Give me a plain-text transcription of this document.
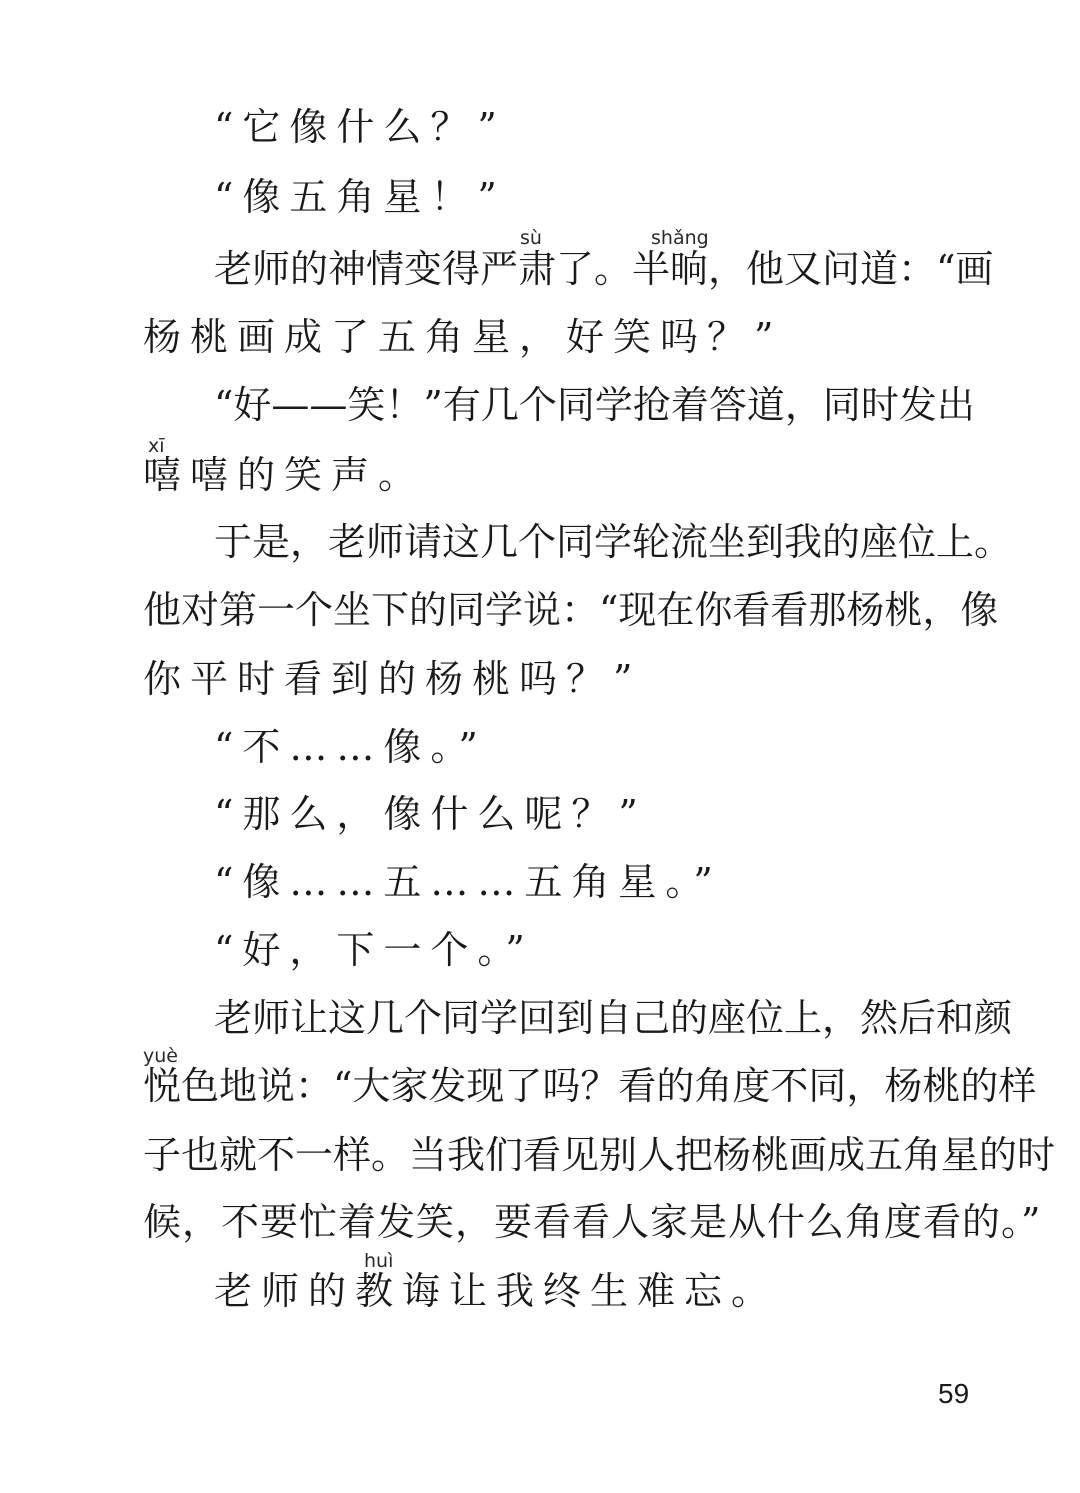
“它像什么？”
“像五角星！”
sù	shǎng
老师的神情变得严肃了。半晌，他又问道：“画
杨桃画成了五角星，好笑吗？”
“好——笑！”有几个同学抢着答道，同时发出
xī
嘻嘻的笑声。
于是，老师请这几个同学轮流坐到我的座位上。
他对第一个坐下的同学说：“现在你看看那杨桃，像
你平时看到的杨桃吗？”
“不……像。”
“那么，像什么呢？”
“像……五……五角星。”
“好，下一个。”
老师让这几个同学回到自己的座位上，然后和颜
yuè
悦色地说：“大家发现了吗？看的角度不同，杨桃的样
子也就不一样。当我们看见别人把杨桃画成五角星的时
候，不要忙着发笑，要看看人家是从什么角度看的。”
huì
老师的教诲让我终生难忘。
59
